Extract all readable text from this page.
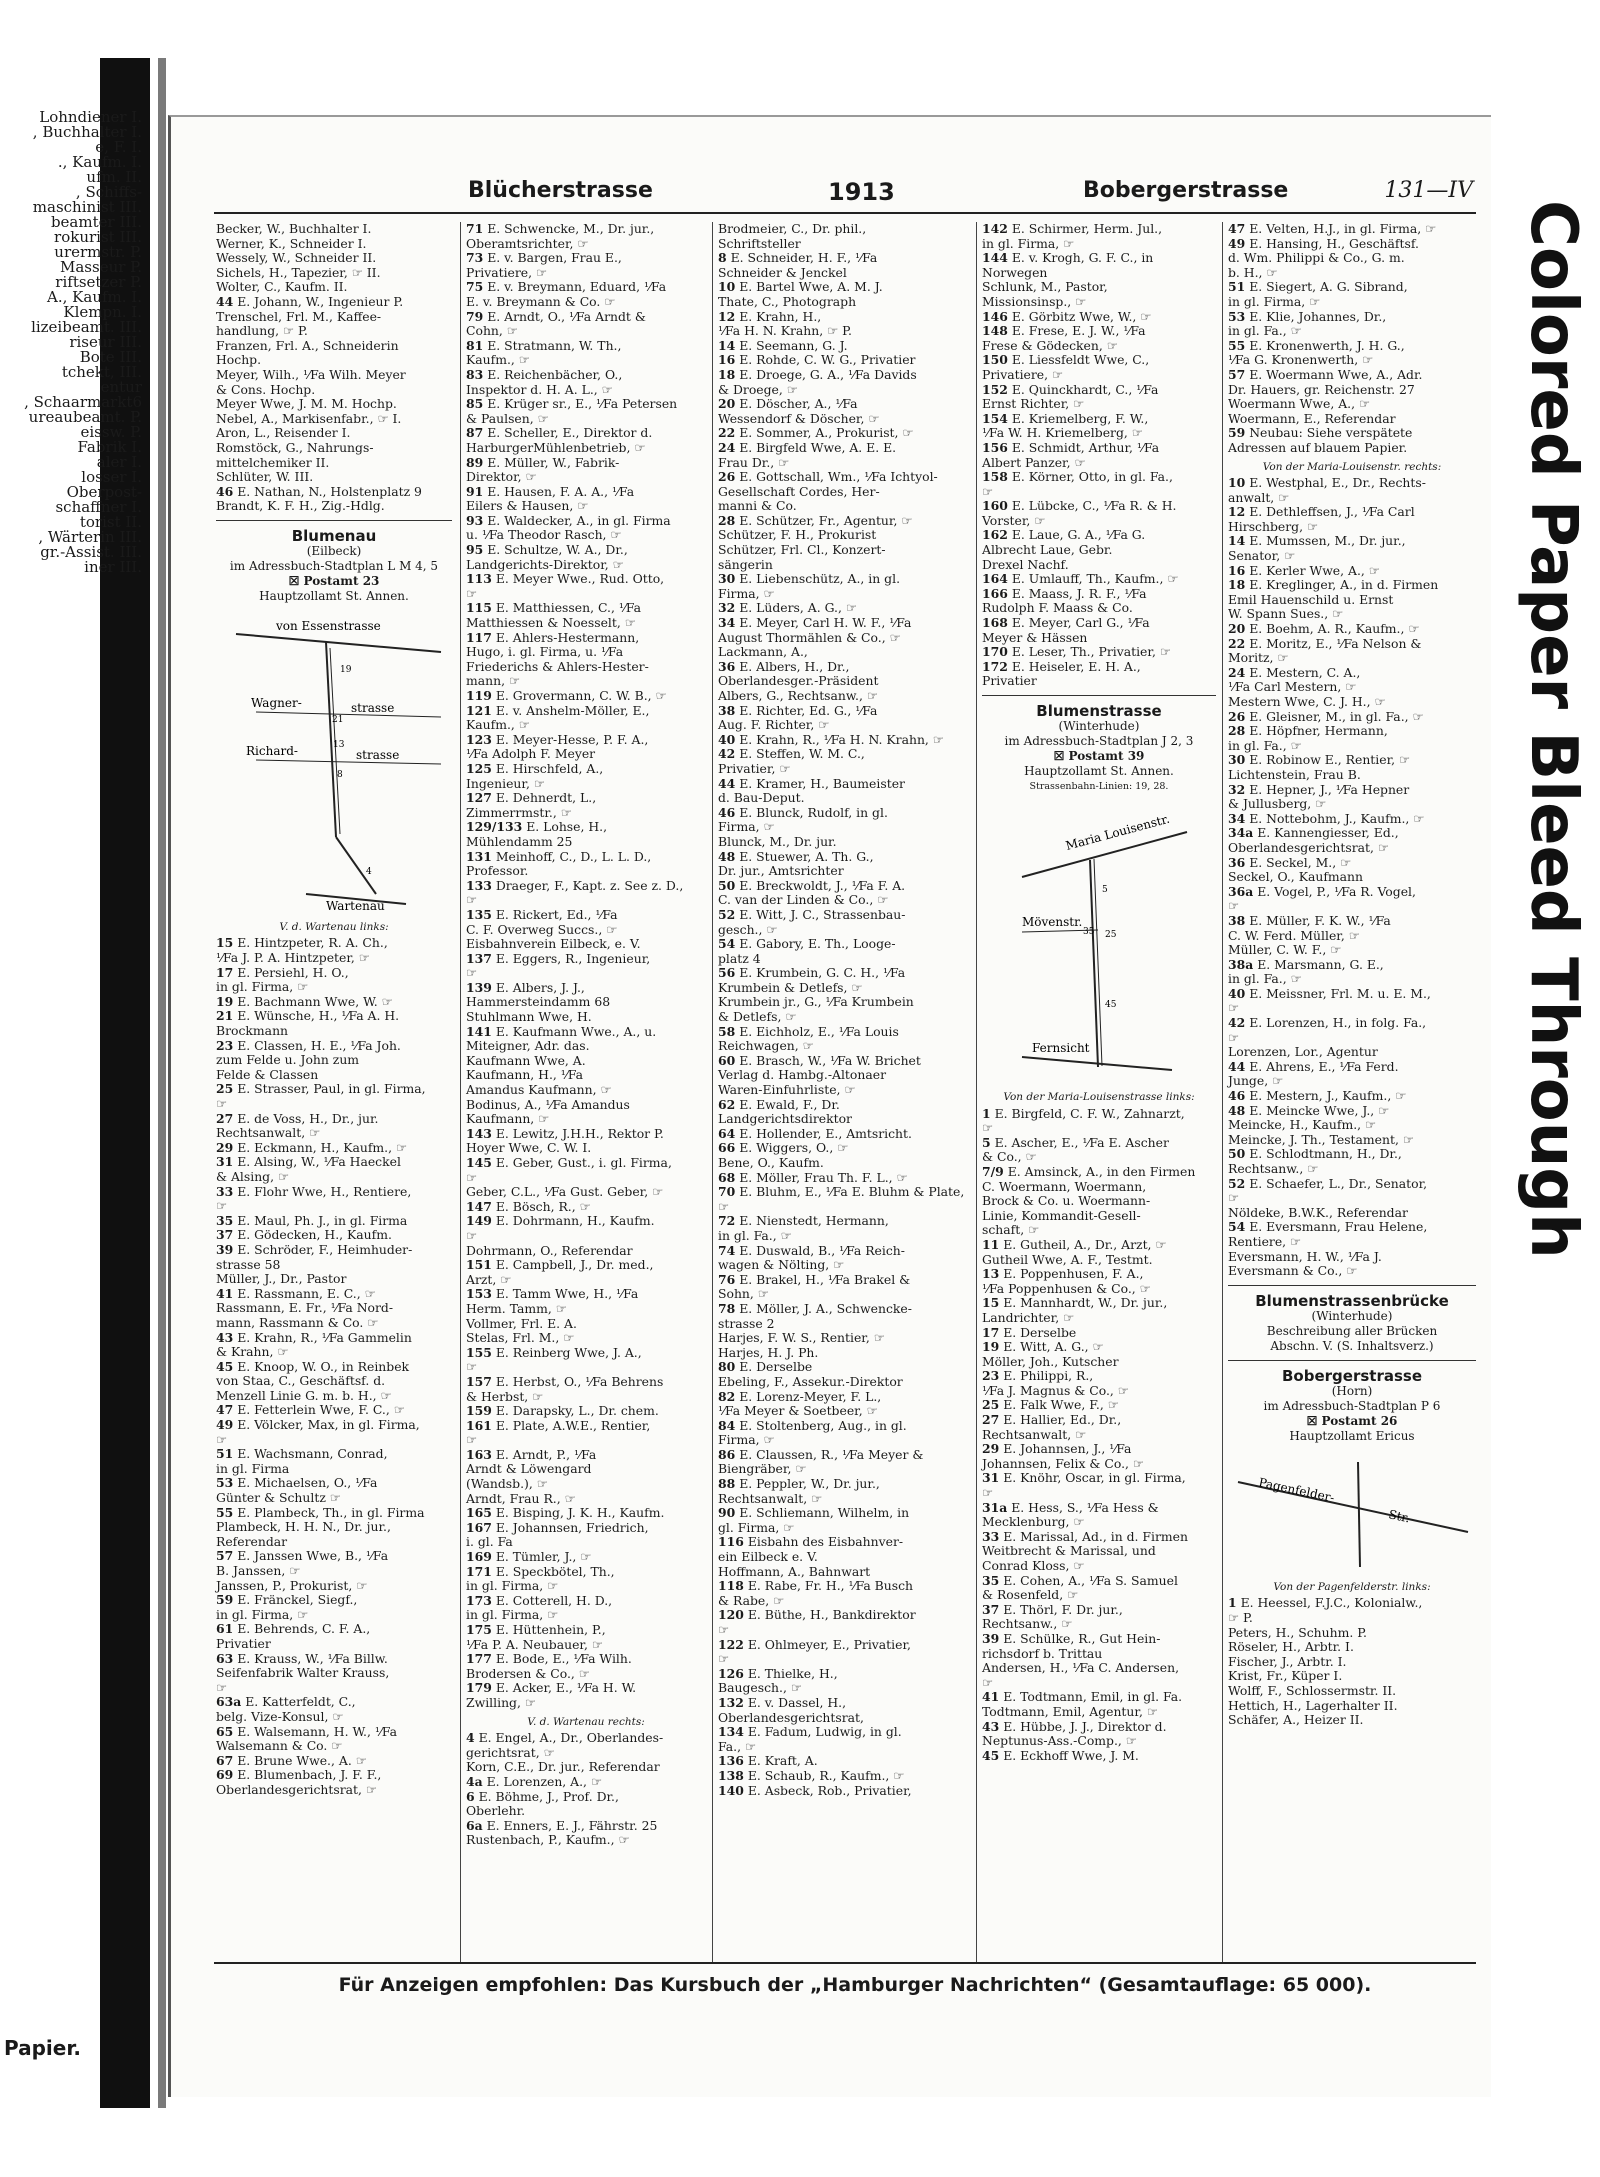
Lohndiener I.
, Buchhalter I.
e, F. I.
., Kaufm. I.
ufm. II.
, Schiffs-
maschinist III.
beamter III.
rokurist III.
urermstr. P.
Masseur P.
riftsetzer P.
A., Kaufm. I.
Klempn. I.
lizeibeamt. III.
riseur III.
Bote III.
tchekt, III.
entur
, Schaarmarkt6
ureaubeamt. P.
eissw. P.
Fabrik I.
aler I.
losser I.
Oberpost-
schaffner I.
torist II.
, Wärterin III.
gr.-Assist. III.
iner III.
Papier.
Colored Paper Bleed Through
Blücherstrasse	1913	Bobergerstrasse	131—IV
Becker, W., Buchhalter I.
Werner, K., Schneider I.
Wessely, W., Schneider II.
Sichels, H., Tapezier, ☞ II.
Wolter, C., Kaufm. II.
44 E. Johann, W., Ingenieur P.
Trenschel, Frl. M., Kaffee-
handlung, ☞ P.
Franzen, Frl. A., Schneiderin
Hochp.
Meyer, Wilh., ⅟Fa Wilh. Meyer
& Cons. Hochp.
Meyer Wwe, J. M. M. Hochp.
Nebel, A., Markisenfabr., ☞ I.
Aron, L., Reisender I.
Romstöck, G., Nahrungs-
mittelchemiker II.
Schlüter, W. III.
46 E. Nathan, N., Holstenplatz 9
Brandt, K. F. H., Zig.-Hdlg.
Blumenau
(Eilbeck)
im Adressbuch-Stadtplan L M 4, 5
☒ Postamt 23
Hauptzollamt St. Annen.
von Essenstrasse
Wagner-	strasse
Richard-	strasse
Wartenau
19
21
13
8
4
V. d. Wartenau links:
15 E. Hintzpeter, R. A. Ch.,
⅟Fa J. P. A. Hintzpeter, ☞
17 E. Persiehl, H. O.,
in gl. Firma, ☞
19 E. Bachmann Wwe, W. ☞
21 E. Wünsche, H., ⅟Fa A. H.
Brockmann
23 E. Classen, H. E., ⅟Fa Joh.
zum Felde u. John zum
Felde & Classen
25 E. Strasser, Paul, in gl. Firma,
☞
27 E. de Voss, H., Dr., jur.
Rechtsanwalt, ☞
29 E. Eckmann, H., Kaufm., ☞
31 E. Alsing, W., ⅟Fa Haeckel
& Alsing, ☞
33 E. Flohr Wwe, H., Rentiere,
☞
35 E. Maul, Ph. J., in gl. Firma
37 E. Gödecken, H., Kaufm.
39 E. Schröder, F., Heimhuder-
strasse 58
Müller, J., Dr., Pastor
41 E. Rassmann, E. C., ☞
Rassmann, E. Fr., ⅟Fa Nord-
mann, Rassmann & Co. ☞
43 E. Krahn, R., ⅟Fa Gammelin
& Krahn, ☞
45 E. Knoop, W. O., in Reinbek
von Staa, C., Geschäftsf. d.
Menzell Linie G. m. b. H., ☞
47 E. Fetterlein Wwe, F. C., ☞
49 E. Völcker, Max, in gl. Firma,
☞
51 E. Wachsmann, Conrad,
in gl. Firma
53 E. Michaelsen, O., ⅟Fa
Günter & Schultz ☞
55 E. Plambeck, Th., in gl. Firma
Plambeck, H. H. N., Dr. jur.,
Referendar
57 E. Janssen Wwe, B., ⅟Fa
B. Janssen, ☞
Janssen, P., Prokurist, ☞
59 E. Fränckel, Siegf.,
in gl. Firma, ☞
61 E. Behrends, C. F. A.,
Privatier
63 E. Krauss, W., ⅟Fa Billw.
Seifenfabrik Walter Krauss,
☞
63a E. Katterfeldt, C.,
belg. Vize-Konsul, ☞
65 E. Walsemann, H. W., ⅟Fa
Walsemann & Co. ☞
67 E. Brune Wwe., A. ☞
69 E. Blumenbach, J. F. F.,
Oberlandesgerichtsrat, ☞
71 E. Schwencke, M., Dr. jur.,
Oberamtsrichter, ☞
73 E. v. Bargen, Frau E.,
Privatiere, ☞
75 E. v. Breymann, Eduard, ⅟Fa
E. v. Breymann & Co. ☞
79 E. Arndt, O., ⅟Fa Arndt &
Cohn, ☞
81 E. Stratmann, W. Th.,
Kaufm., ☞
83 E. Reichenbächer, O.,
Inspektor d. H. A. L., ☞
85 E. Krüger sr., E., ⅟Fa Petersen
& Paulsen, ☞
87 E. Scheller, E., Direktor d.
HarburgerMühlenbetrieb, ☞
89 E. Müller, W., Fabrik-
Direktor, ☞
91 E. Hausen, F. A. A., ⅟Fa
Eilers & Hausen, ☞
93 E. Waldecker, A., in gl. Firma
u. ⅟Fa Theodor Rasch, ☞
95 E. Schultze, W. A., Dr.,
Landgerichts-Direktor, ☞
113 E. Meyer Wwe., Rud. Otto,
☞
115 E. Matthiessen, C., ⅟Fa
Matthiessen & Noesselt, ☞
117 E. Ahlers-Hestermann,
Hugo, i. gl. Firma, u. ⅟Fa
Friederichs & Ahlers-Hester-
mann, ☞
119 E. Grovermann, C. W. B., ☞
121 E. v. Anshelm-Möller, E.,
Kaufm., ☞
123 E. Meyer-Hesse, P. F. A.,
⅟Fa Adolph F. Meyer
125 E. Hirschfeld, A.,
Ingenieur, ☞
127 E. Dehnerdt, L.,
Zimmerrmstr., ☞
129/133 E. Lohse, H.,
Mühlendamm 25
131 Meinhoff, C., D., L. L. D.,
Professor.
133 Draeger, F., Kapt. z. See z. D.,
☞
135 E. Rickert, Ed., ⅟Fa
C. F. Overweg Succs., ☞
Eisbahnverein Eilbeck, e. V.
137 E. Eggers, R., Ingenieur,
☞
139 E. Albers, J. J.,
Hammersteindamm 68
Stuhlmann Wwe, H.
141 E. Kaufmann Wwe., A., u.
Miteigner, Adr. das.
Kaufmann Wwe, A.
Kaufmann, H., ⅟Fa
Amandus Kaufmann, ☞
Bodinus, A., ⅟Fa Amandus
Kaufmann, ☞
143 E. Lewitz, J.H.H., Rektor P.
Hoyer Wwe, C. W. I.
145 E. Geber, Gust., i. gl. Firma,
☞
Geber, C.L., ⅟Fa Gust. Geber, ☞
147 E. Bösch, R., ☞
149 E. Dohrmann, H., Kaufm.
☞
Dohrmann, O., Referendar
151 E. Campbell, J., Dr. med.,
Arzt, ☞
153 E. Tamm Wwe, H., ⅟Fa
Herm. Tamm, ☞
Vollmer, Frl. E. A.
Stelas, Frl. M., ☞
155 E. Reinberg Wwe, J. A.,
☞
157 E. Herbst, O., ⅟Fa Behrens
& Herbst, ☞
159 E. Darapsky, L., Dr. chem.
161 E. Plate, A.W.E., Rentier,
☞
163 E. Arndt, P., ⅟Fa
Arndt & Löwengard
(Wandsb.), ☞
Arndt, Frau R., ☞
165 E. Bisping, J. K. H., Kaufm.
167 E. Johannsen, Friedrich,
i. gl. Fa
169 E. Tümler, J., ☞
171 E. Speckbötel, Th.,
in gl. Firma, ☞
173 E. Cotterell, H. D.,
in gl. Firma, ☞
175 E. Hüttenhein, P.,
⅟Fa P. A. Neubauer, ☞
177 E. Bode, E., ⅟Fa Wilh.
Brodersen & Co., ☞
179 E. Acker, E., ⅟Fa H. W.
Zwilling, ☞
V. d. Wartenau rechts:
4 E. Engel, A., Dr., Oberlandes-
gerichtsrat, ☞
Korn, C.E., Dr. jur., Referendar
4a E. Lorenzen, A., ☞
6 E. Böhme, J., Prof. Dr.,
Oberlehr.
6a E. Enners, E. J., Fährstr. 25
Rustenbach, P., Kaufm., ☞
Brodmeier, C., Dr. phil.,
Schriftsteller
8 E. Schneider, H. F., ⅟Fa
Schneider & Jenckel
10 E. Bartel Wwe, A. M. J.
Thate, C., Photograph
12 E. Krahn, H.,
⅟Fa H. N. Krahn, ☞ P.
14 E. Seemann, G. J.
16 E. Rohde, C. W. G., Privatier
18 E. Droege, G. A., ⅟Fa Davids
& Droege, ☞
20 E. Döscher, A., ⅟Fa
Wessendorf & Döscher, ☞
22 E. Sommer, A., Prokurist, ☞
24 E. Birgfeld Wwe, A. E. E.
Frau Dr., ☞
26 E. Gottschall, Wm., ⅟Fa Ichtyol-
Gesellschaft Cordes, Her-
manni & Co.
28 E. Schützer, Fr., Agentur, ☞
Schützer, F. H., Prokurist
Schützer, Frl. Cl., Konzert-
sängerin
30 E. Liebenschütz, A., in gl.
Firma, ☞
32 E. Lüders, A. G., ☞
34 E. Meyer, Carl H. W. F., ⅟Fa
August Thormählen & Co., ☞
Lackmann, A.,
36 E. Albers, H., Dr.,
Oberlandesger.-Präsident
Albers, G., Rechtsanw., ☞
38 E. Richter, Ed. G., ⅟Fa
Aug. F. Richter, ☞
40 E. Krahn, R., ⅟Fa H. N. Krahn, ☞
42 E. Steffen, W. M. C.,
Privatier, ☞
44 E. Kramer, H., Baumeister
d. Bau-Deput.
46 E. Blunck, Rudolf, in gl.
Firma, ☞
Blunck, M., Dr. jur.
48 E. Stuewer, A. Th. G.,
Dr. jur., Amtsrichter
50 E. Breckwoldt, J., ⅟Fa F. A.
C. van der Linden & Co., ☞
52 E. Witt, J. C., Strassenbau-
gesch., ☞
54 E. Gabory, E. Th., Looge-
platz 4
56 E. Krumbein, G. C. H., ⅟Fa
Krumbein & Detlefs, ☞
Krumbein jr., G., ⅟Fa Krumbein
& Detlefs, ☞
58 E. Eichholz, E., ⅟Fa Louis
Reichwagen, ☞
60 E. Brasch, W., ⅟Fa W. Brichet
Verlag d. Hambg.-Altonaer
Waren-Einfuhrliste, ☞
62 E. Ewald, F., Dr.
Landgerichtsdirektor
64 E. Hollender, E., Amtsricht.
66 E. Wiggers, O., ☞
Bene, O., Kaufm.
68 E. Möller, Frau Th. F. L., ☞
70 E. Bluhm, E., ⅟Fa E. Bluhm & Plate,
☞
72 E. Nienstedt, Hermann,
in gl. Fa., ☞
74 E. Duswald, B., ⅟Fa Reich-
wagen & Nölting, ☞
76 E. Brakel, H., ⅟Fa Brakel &
Sohn, ☞
78 E. Möller, J. A., Schwencke-
strasse 2
Harjes, F. W. S., Rentier, ☞
Harjes, H. J. Ph.
80 E. Derselbe
Ebeling, F., Assekur.-Direktor
82 E. Lorenz-Meyer, F. L.,
⅟Fa Meyer & Soetbeer, ☞
84 E. Stoltenberg, Aug., in gl.
Firma, ☞
86 E. Claussen, R., ⅟Fa Meyer &
Biengräber, ☞
88 E. Peppler, W., Dr. jur.,
Rechtsanwalt, ☞
90 E. Schliemann, Wilhelm, in
gl. Firma, ☞
116 Eisbahn des Eisbahnver-
ein Eilbeck e. V.
Hoffmann, A., Bahnwart
118 E. Rabe, Fr. H., ⅟Fa Busch
& Rabe, ☞
120 E. Büthe, H., Bankdirektor
☞
122 E. Ohlmeyer, E., Privatier,
☞
126 E. Thielke, H.,
Baugesch., ☞
132 E. v. Dassel, H.,
Oberlandesgerichtsrat,
134 E. Fadum, Ludwig, in gl.
Fa., ☞
136 E. Kraft, A.
138 E. Schaub, R., Kaufm., ☞
140 E. Asbeck, Rob., Privatier,
142 E. Schirmer, Herm. Jul.,
in gl. Firma, ☞
144 E. v. Krogh, G. F. C., in
Norwegen
Schlunk, M., Pastor,
Missionsinsp., ☞
146 E. Görbitz Wwe, W., ☞
148 E. Frese, E. J. W., ⅟Fa
Frese & Gödecken, ☞
150 E. Liessfeldt Wwe, C.,
Privatiere, ☞
152 E. Quinckhardt, C., ⅟Fa
Ernst Richter, ☞
154 E. Kriemelberg, F. W.,
⅟Fa W. H. Kriemelberg, ☞
156 E. Schmidt, Arthur, ⅟Fa
Albert Panzer, ☞
158 E. Körner, Otto, in gl. Fa.,
☞
160 E. Lübcke, C., ⅟Fa R. & H.
Vorster, ☞
162 E. Laue, G. A., ⅟Fa G.
Albrecht Laue, Gebr.
Drexel Nachf.
164 E. Umlauff, Th., Kaufm., ☞
166 E. Maass, J. R. F., ⅟Fa
Rudolph F. Maass & Co.
168 E. Meyer, Carl G., ⅟Fa
Meyer & Hässen
170 E. Leser, Th., Privatier, ☞
172 E. Heiseler, E. H. A.,
Privatier
Blumenstrasse
(Winterhude)
im Adressbuch-Stadtplan J 2, 3
☒ Postamt 39
Hauptzollamt St. Annen.
Strassenbahn-Linien: 19, 28.
Maria Louisenstr.
Mövenstr.
Fernsicht
5
35
45
25
Von der Maria-Louisenstrasse links:
1 E. Birgfeld, C. F. W., Zahnarzt,
☞
5 E. Ascher, E., ⅟Fa E. Ascher
& Co., ☞
7/9 E. Amsinck, A., in den Firmen
C. Woermann, Woermann,
Brock & Co. u. Woermann-
Linie, Kommandit-Gesell-
schaft, ☞
11 E. Gutheil, A., Dr., Arzt, ☞
Gutheil Wwe, A. F., Testmt.
13 E. Poppenhusen, F. A.,
⅟Fa Poppenhusen & Co., ☞
15 E. Mannhardt, W., Dr. jur.,
Landrichter, ☞
17 E. Derselbe
19 E. Witt, A. G., ☞
Möller, Joh., Kutscher
23 E. Philippi, R.,
⅟Fa J. Magnus & Co., ☞
25 E. Falk Wwe, F., ☞
27 E. Hallier, Ed., Dr.,
Rechtsanwalt, ☞
29 E. Johannsen, J., ⅟Fa
Johannsen, Felix & Co., ☞
31 E. Knöhr, Oscar, in gl. Firma,
☞
31a E. Hess, S., ⅟Fa Hess &
Mecklenburg, ☞
33 E. Marissal, Ad., in d. Firmen
Weitbrecht & Marissal, und
Conrad Kloss, ☞
35 E. Cohen, A., ⅟Fa S. Samuel
& Rosenfeld, ☞
37 E. Thörl, F. Dr. jur.,
Rechtsanw., ☞
39 E. Schülke, R., Gut Hein-
richsdorf b. Trittau
Andersen, H., ⅟Fa C. Andersen,
☞
41 E. Todtmann, Emil, in gl. Fa.
Todtmann, Emil, Agentur, ☞
43 E. Hübbe, J. J., Direktor d.
Neptunus-Ass.-Comp., ☞
45 E. Eckhoff Wwe, J. M.
47 E. Velten, H.J., in gl. Firma, ☞
49 E. Hansing, H., Geschäftsf.
d. Wm. Philippi & Co., G. m.
b. H., ☞
51 E. Siegert, A. G. Sibrand,
in gl. Firma, ☞
53 E. Klie, Johannes, Dr.,
in gl. Fa., ☞
55 E. Kronenwerth, J. H. G.,
⅟Fa G. Kronenwerth, ☞
57 E. Woermann Wwe, A., Adr.
Dr. Hauers, gr. Reichenstr. 27
Woermann Wwe, A., ☞
Woermann, E., Referendar
59 Neubau: Siehe verspätete
Adressen auf blauem Papier.
Von der Maria-Louisenstr. rechts:
10 E. Westphal, E., Dr., Rechts-
anwalt, ☞
12 E. Dethleffsen, J., ⅟Fa Carl
Hirschberg, ☞
14 E. Mumssen, M., Dr. jur.,
Senator, ☞
16 E. Kerler Wwe, A., ☞
18 E. Kreglinger, A., in d. Firmen
Emil Hauenschild u. Ernst
W. Spann Sues., ☞
20 E. Boehm, A. R., Kaufm., ☞
22 E. Moritz, E., ⅟Fa Nelson &
Moritz, ☞
24 E. Mestern, C. A.,
⅟Fa Carl Mestern, ☞
Mestern Wwe, C. J. H., ☞
26 E. Gleisner, M., in gl. Fa., ☞
28 E. Höpfner, Hermann,
in gl. Fa., ☞
30 E. Robinow E., Rentier, ☞
Lichtenstein, Frau B.
32 E. Hepner, J., ⅟Fa Hepner
& Jullusberg, ☞
34 E. Nottebohm, J., Kaufm., ☞
34a E. Kannengiesser, Ed.,
Oberlandesgerichtsrat, ☞
36 E. Seckel, M., ☞
Seckel, O., Kaufmann
36a E. Vogel, P., ⅟Fa R. Vogel,
☞
38 E. Müller, F. K. W., ⅟Fa
C. W. Ferd. Müller, ☞
Müller, C. W. F., ☞
38a E. Marsmann, G. E.,
in gl. Fa., ☞
40 E. Meissner, Frl. M. u. E. M.,
☞
42 E. Lorenzen, H., in folg. Fa.,
☞
Lorenzen, Lor., Agentur
44 E. Ahrens, E., ⅟Fa Ferd.
Junge, ☞
46 E. Mestern, J., Kaufm., ☞
48 E. Meincke Wwe, J., ☞
Meincke, H., Kaufm., ☞
Meincke, J. Th., Testament, ☞
50 E. Schlodtmann, H., Dr.,
Rechtsanw., ☞
52 E. Schaefer, L., Dr., Senator,
☞
Nöldeke, B.W.K., Referendar
54 E. Eversmann, Frau Helene,
Rentiere, ☞
Eversmann, H. W., ⅟Fa J.
Eversmann & Co., ☞
Blumenstrassenbrücke
(Winterhude)
Beschreibung aller Brücken
Abschn. V. (S. Inhaltsverz.)
Bobergerstrasse
(Horn)
im Adressbuch-Stadtplan P 6
☒ Postamt 26
Hauptzollamt Ericus
Pagenfelder-
Str.
Von der Pagenfelderstr. links:
1 E. Heessel, F.J.C., Kolonialw.,
☞ P.
Peters, H., Schuhm. P.
Röseler, H., Arbtr. I.
Fischer, J., Arbtr. I.
Krist, Fr., Küper I.
Wolff, F., Schlossermstr. II.
Hettich, H., Lagerhalter II.
Schäfer, A., Heizer II.
Für Anzeigen empfohlen: Das Kursbuch der „Hamburger Nachrichten“ (Gesamtauflage: 65 000).
